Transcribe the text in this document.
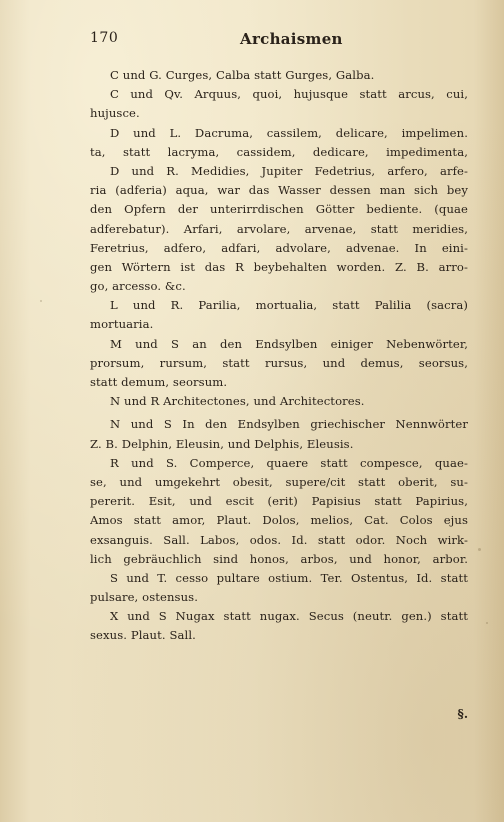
170	Archaismen
C und G. Curges, Calba statt Gurges, Galba.
C und Qv. Arquus, quoi, hujusque statt arcus, cui,
hujusce.
D und L. Dacruma, cassilem, delicare, impelimen.
ta, statt lacryma, cassidem, dedicare, impedimenta,
D und R. Medidies, Jupiter Fedetrius, arfero, arfe-
ria (adferia) aqua, war das Wasser dessen man sich bey
den Opfern der unterirrdischen Götter bediente. (quae
adferebatur). Arfari, arvolare, arvenae, statt meridies,
Feretrius, adfero, adfari, advolare, advenae. In eini-
gen Wörtern ist das R beybehalten worden. Z. B. arro-
go, arcesso. &c.
L und R. Parilia, mortualia, statt Palilia (sacra)
mortuaria.
M und S an den Endsylben einiger Nebenwörter,
prorsum, rursum, statt rursus, und demus, seorsus,
statt demum, seorsum.
N und R Architectones, und Architectores.
N und S In den Endsylben griechischer Nennwörter
Z. B. Delphin, Eleusin, und Delphis, Eleusis.
R und S. Comperce, quaere statt compesce, quae-
se, und umgekehrt obesit, supere/cit statt oberit, su-
pererit. Esit, und escit (erit) Papisius statt Papirius,
Amos statt amor, Plaut. Dolos, melios, Cat. Colos ejus
exsanguis. Sall. Labos, odos. Id. statt odor. Noch wirk-
lich gebräuchlich sind honos, arbos, und honor, arbor.
S und T. cesso pultare ostium. Ter. Ostentus, Id. statt
pulsare, ostensus.
X und S Nugax statt nugax. Secus (neutr. gen.) statt
sexus. Plaut. Sall.
§.
